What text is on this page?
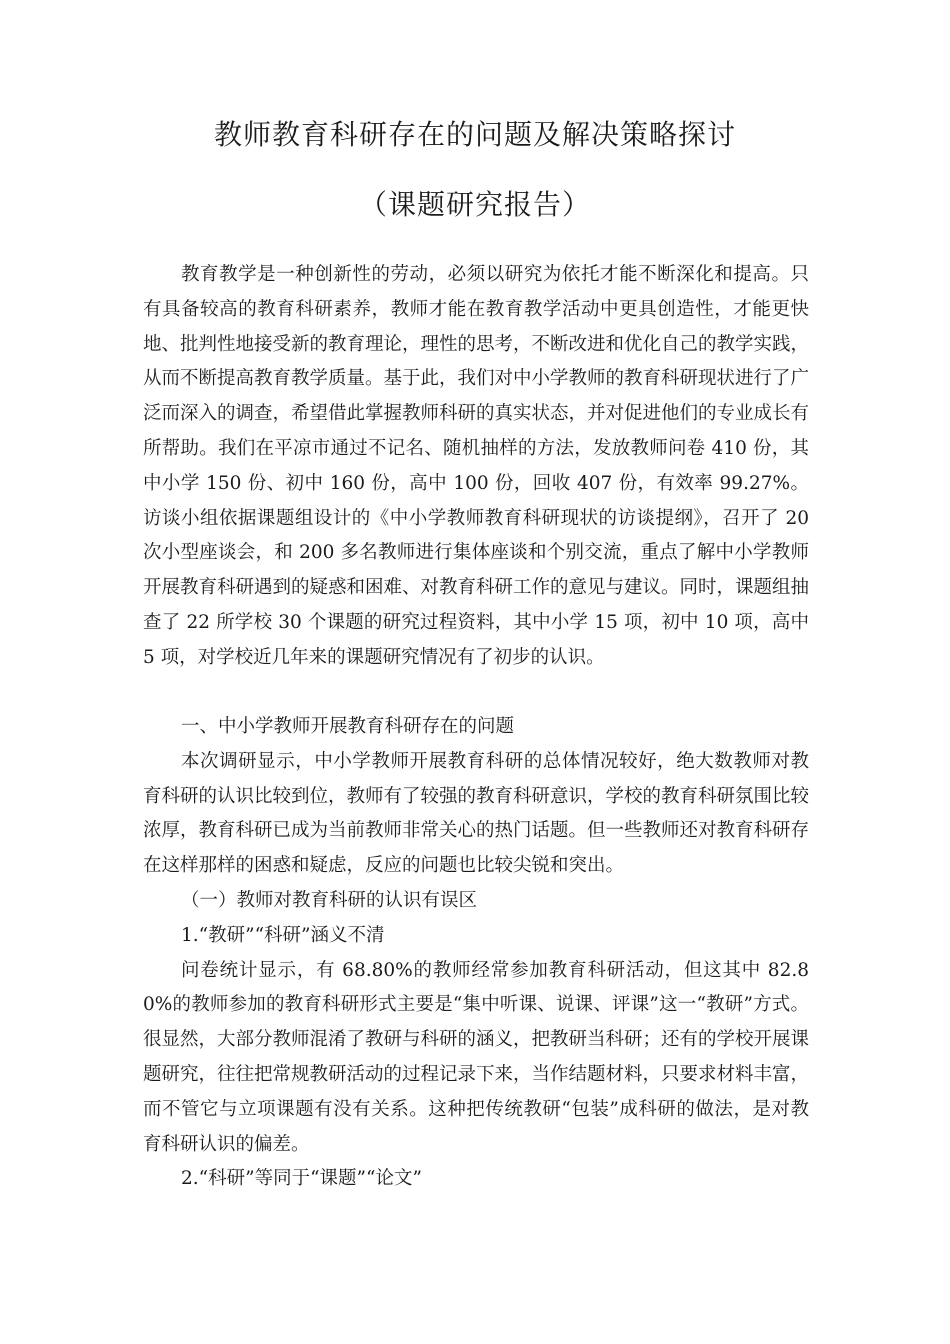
教师教育科研存在的问题及解决策略探讨
（课题研究报告）

教育教学是一种创新性的劳动，必须以研究为依托才能不断深化和提高。只有具备较高的教育科研素养，教师才能在教育教学活动中更具创造性，才能更快地、批判性地接受新的教育理论，理性的思考，不断改进和优化自己的教学实践，从而不断提高教育教学质量。基于此，我们对中小学教师的教育科研现状进行了广泛而深入的调查，希望借此掌握教师科研的真实状态，并对促进他们的专业成长有所帮助。我们在平凉市通过不记名、随机抽样的方法，发放教师问卷 410 份，其中小学 150 份、初中 160 份，高中 100 份，回收 407 份，有效率 99.27%。访谈小组依据课题组设计的《中小学教师教育科研现状的访谈提纲》，召开了 20 次小型座谈会，和 200 多名教师进行集体座谈和个别交流，重点了解中小学教师开展教育科研遇到的疑惑和困难、对教育科研工作的意见与建议。同时，课题组抽查了 22 所学校 30 个课题的研究过程资料，其中小学 15 项，初中 10 项，高中 5 项，对学校近几年来的课题研究情况有了初步的认识。

一、中小学教师开展教育科研存在的问题

本次调研显示，中小学教师开展教育科研的总体情况较好，绝大数教师对教育科研的认识比较到位，教师有了较强的教育科研意识，学校的教育科研氛围比较浓厚，教育科研已成为当前教师非常关心的热门话题。但一些教师还对教育科研存在这样那样的困惑和疑虑，反应的问题也比较尖锐和突出。

（一）教师对教育科研的认识有误区

1.“教研”“科研”涵义不清

问卷统计显示，有 68.80%的教师经常参加教育科研活动，但这其中 82.80%的教师参加的教育科研形式主要是“集中听课、说课、评课”这一“教研”方式。很显然，大部分教师混淆了教研与科研的涵义，把教研当科研；还有的学校开展课题研究，往往把常规教研活动的过程记录下来，当作结题材料，只要求材料丰富，而不管它与立项课题有没有关系。这种把传统教研“包装”成科研的做法，是对教育科研认识的偏差。

2.“科研”等同于“课题”“论文”
